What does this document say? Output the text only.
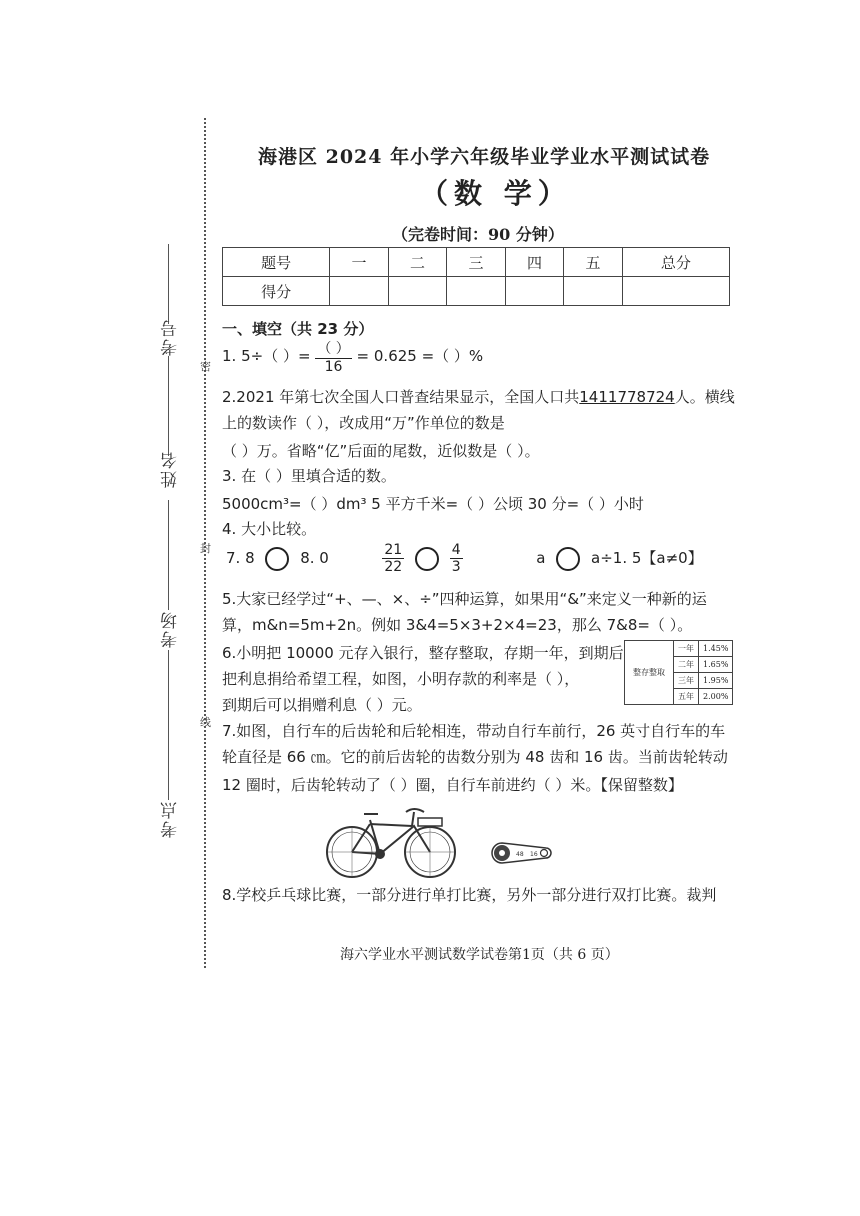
考号
姓名
考场
考点
密
封
线
海港区 2024 年小学六年级毕业学业水平测试试卷
（数 学）
（完卷时间：90 分钟）
题号	一	二	三	四	五	总分
得分						
一、填空（共 23 分）
1. 5÷（ ）= $\frac{( )}{16} = 0.625$ =（ ）%
2.2021 年第七次全国人口普查结果显示，全国人口共1411778724人。横线
上的数读作（ ），改成用“万”作单位的数是
（ ）万。省略“亿”后面的尾数，近似数是（ ）。
3. 在（ ）里填合适的数。
5000cm³=（ ）dm³ 5 平方千米=（ ）公顷 30 分=（ ）小时
4. 大小比较。
7. 8	8. 0	$\frac{21}{22}$
	$\frac{4}{3}$	a	a÷1. 5【a≠0】
5.大家已经学过“+、—、×、÷”四种运算，如果用“&”来定义一种新的运
算，m&n=5m+2n。例如 3&4=5×3+2×4=23，那么 7&8=（ ）。
6.小明把 10000 元存入银行，整存整取，存期一年，到期后
把利息捐给希望工程，如图，小明存款的利率是（ ），
到期后可以捐赠利息（ ）元。
整存整取	一年	1.45%
	二年	1.65%
	三年	1.95%
	五年	2.00%
7.如图，自行车的后齿轮和后轮相连，带动自行车前行，26 英寸自行车的车
轮直径是 66 ㎝。它的前后齿轮的齿数分别为 48 齿和 16 齿。当前齿轮转动
12 圈时，后齿轮转动了（ ）圈，自行车前进约（ ）米。【保留整数】
48 16
8.学校乒乓球比赛，一部分进行单打比赛，另外一部分进行双打比赛。裁判
海六学业水平测试数学试卷第1页（共 6 页）
